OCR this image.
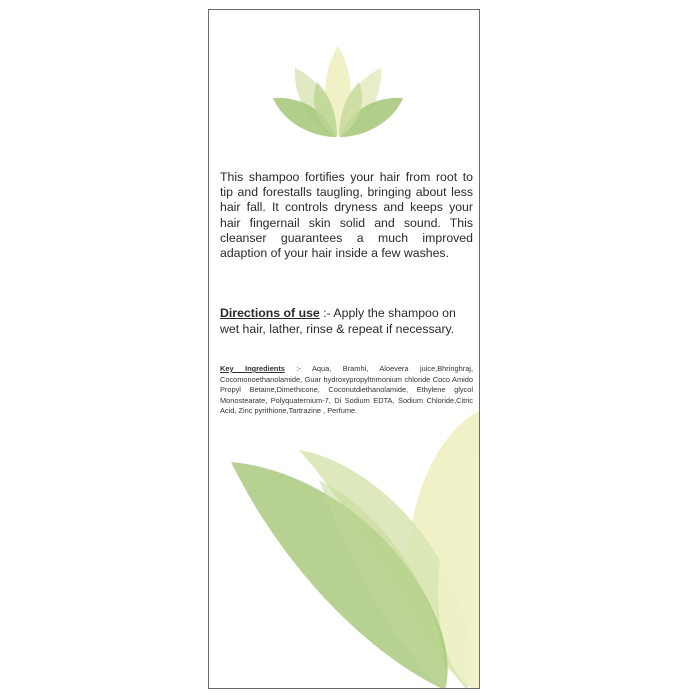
This shampoo fortifies your hair from root to tip and forestalls taugling, bringing about less hair fall. It controls dryness and keeps your hair fingernail skin solid and sound. This cleanser guarantees a much improved adaption of your hair inside a few washes.

Directions of use :- Apply the shampoo on wet hair, lather, rinse & repeat if necessary.

Key Ingredients :- Aqua, Bramhi, Aloevera juice,Bhringhraj, Cocomonoethanolamide, Guar hydroxypropyltrimonium chloride Coco Amido Propyl Betaine,Dimethicone, Coconutdiethanolamide, Ethylene glycol Monostearate, Polyquaternium-7, Di Sodium EDTA, Sodium Chloride,Citric Acid, Zinc pyrithione,Tartrazine , Perfume.
